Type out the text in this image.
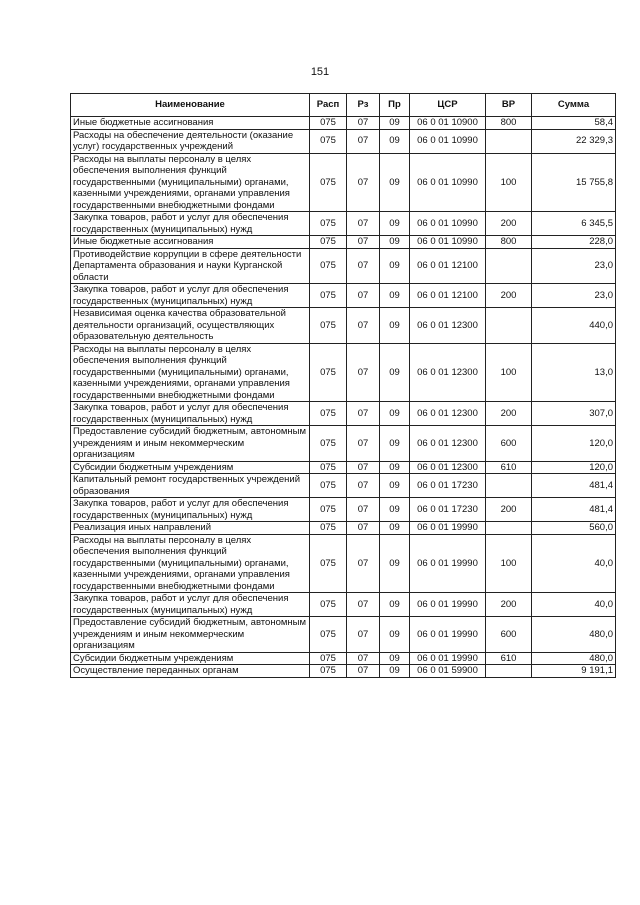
151
Наименование	Расп	Рз	Пр	ЦСР	ВР	Сумма
Иные бюджетные ассигнования	075	07	09	06 0 01 10900	800	58,4
Расходы на обеспечение деятельности (оказание услуг) государственных учреждений	075	07	09	06 0 01 10990		22 329,3
Расходы на выплаты персоналу в целях обеспечения выполнения функций государственными (муниципальными) органами, казенными учреждениями, органами управления государственными внебюджетными фондами	075	07	09	06 0 01 10990	100	15 755,8
Закупка товаров, работ и услуг для обеспечения государственных (муниципальных) нужд	075	07	09	06 0 01 10990	200	6 345,5
Иные бюджетные ассигнования	075	07	09	06 0 01 10990	800	228,0
Противодействие коррупции в сфере деятельности Департамента образования и науки Курганской области	075	07	09	06 0 01 12100		23,0
Закупка товаров, работ и услуг для обеспечения государственных (муниципальных) нужд	075	07	09	06 0 01 12100	200	23,0
Независимая оценка качества образовательной деятельности организаций, осуществляющих образовательную деятельность	075	07	09	06 0 01 12300		440,0
Расходы на выплаты персоналу в целях обеспечения выполнения функций государственными (муниципальными) органами, казенными учреждениями, органами управления государственными внебюджетными фондами	075	07	09	06 0 01 12300	100	13,0
Закупка товаров, работ и услуг для обеспечения государственных (муниципальных) нужд	075	07	09	06 0 01 12300	200	307,0
Предоставление субсидий бюджетным, автономным учреждениям и иным некоммерческим организациям	075	07	09	06 0 01 12300	600	120,0
Субсидии бюджетным учреждениям	075	07	09	06 0 01 12300	610	120,0
Капитальный ремонт государственных учреждений образования	075	07	09	06 0 01 17230		481,4
Закупка товаров, работ и услуг для обеспечения государственных (муниципальных) нужд	075	07	09	06 0 01 17230	200	481,4
Реализация иных направлений	075	07	09	06 0 01 19990		560,0
Расходы на выплаты персоналу в целях обеспечения выполнения функций государственными (муниципальными) органами, казенными учреждениями, органами управления государственными внебюджетными фондами	075	07	09	06 0 01 19990	100	40,0
Закупка товаров, работ и услуг для обеспечения государственных (муниципальных) нужд	075	07	09	06 0 01 19990	200	40,0
Предоставление субсидий бюджетным, автономным учреждениям и иным некоммерческим организациям	075	07	09	06 0 01 19990	600	480,0
Субсидии бюджетным учреждениям	075	07	09	06 0 01 19990	610	480,0
Осуществление переданных органам	075	07	09	06 0 01 59900		9 191,1
